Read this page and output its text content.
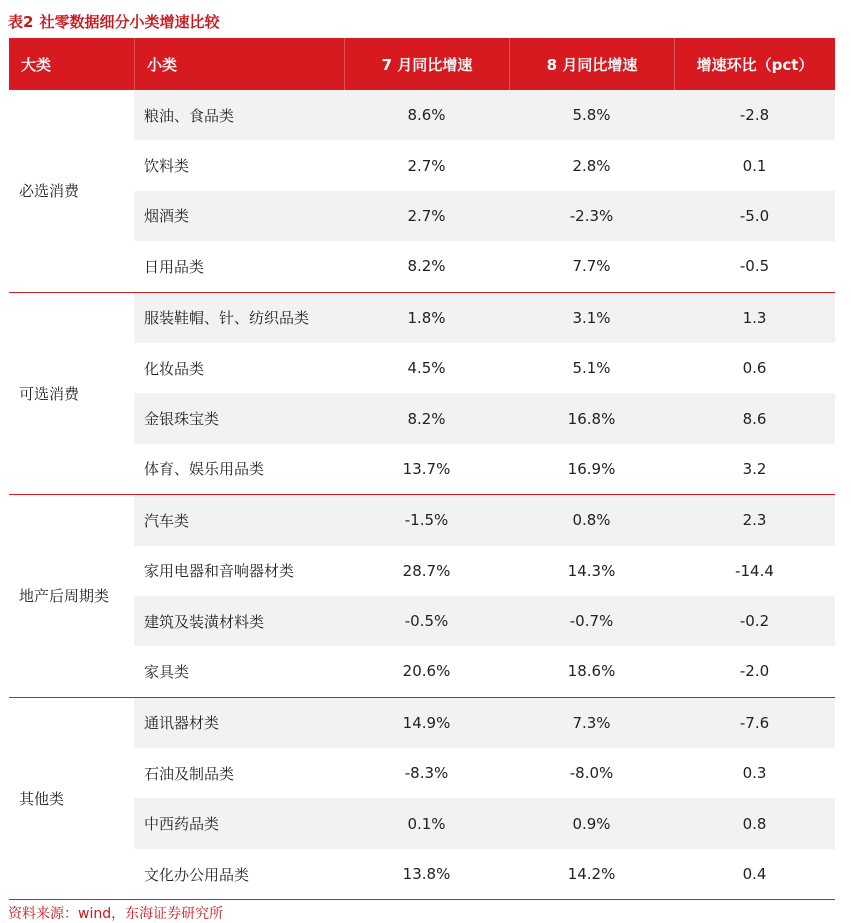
表2 社零数据细分小类增速比较
大类	小类	7 月同比增速	8 月同比增速	增速环比（pct）
必选消费
粮油、食品类	8.6%	5.8%	-2.8
饮料类	2.7%	2.8%	0.1
烟酒类	2.7%	-2.3%	-5.0
日用品类	8.2%	7.7%	-0.5
可选消费
服装鞋帽、针、纺织品类	1.8%	3.1%	1.3
化妆品类	4.5%	5.1%	0.6
金银珠宝类	8.2%	16.8%	8.6
体育、娱乐用品类	13.7%	16.9%	3.2
地产后周期类
汽车类	-1.5%	0.8%	2.3
家用电器和音响器材类	28.7%	14.3%	-14.4
建筑及装潢材料类	-0.5%	-0.7%	-0.2
家具类	20.6%	18.6%	-2.0
其他类
通讯器材类	14.9%	7.3%	-7.6
石油及制品类	-8.3%	-8.0%	0.3
中西药品类	0.1%	0.9%	0.8
文化办公用品类	13.8%	14.2%	0.4
资料来源：wind，东海证券研究所
